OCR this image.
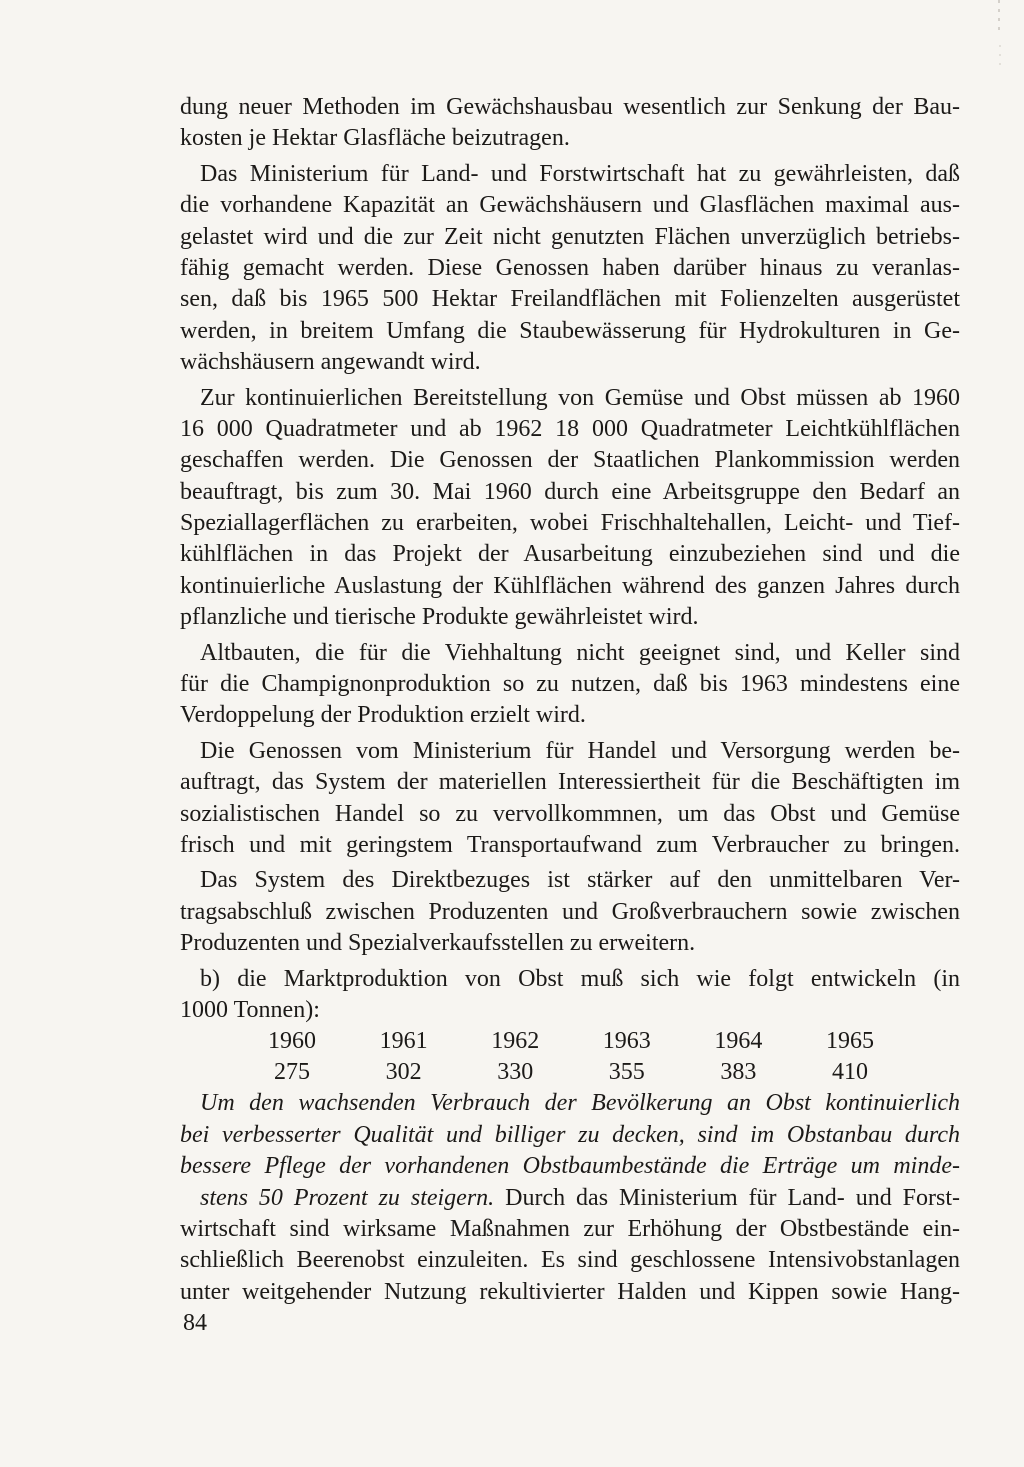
dung neuer Methoden im Gewächshausbau wesentlich zur Senkung der Bau-
kosten je Hektar Glasfläche beizutragen.
Das Ministerium für Land- und Forstwirtschaft hat zu gewährleisten, daß
die vorhandene Kapazität an Gewächshäusern und Glasflächen maximal aus-
gelastet wird und die zur Zeit nicht genutzten Flächen unverzüglich betriebs-
fähig gemacht werden. Diese Genossen haben darüber hinaus zu veranlas-
sen, daß bis 1965 500 Hektar Freilandflächen mit Folienzelten ausgerüstet
werden, in breitem Umfang die Staubewässerung für Hydrokulturen in Ge-
wächshäusern angewandt wird.
Zur kontinuierlichen Bereitstellung von Gemüse und Obst müssen ab 1960
16 000 Quadratmeter und ab 1962 18 000 Quadratmeter Leichtkühlflächen
geschaffen werden. Die Genossen der Staatlichen Plankommission werden
beauftragt, bis zum 30. Mai 1960 durch eine Arbeitsgruppe den Bedarf an
Speziallagerflächen zu erarbeiten, wobei Frischhaltehallen, Leicht- und Tief-
kühlflächen in das Projekt der Ausarbeitung einzubeziehen sind und die
kontinuierliche Auslastung der Kühlflächen während des ganzen Jahres durch
pflanzliche und tierische Produkte gewährleistet wird.
Altbauten, die für die Viehhaltung nicht geeignet sind, und Keller sind
für die Champignonproduktion so zu nutzen, daß bis 1963 mindestens eine
Verdoppelung der Produktion erzielt wird.
Die Genossen vom Ministerium für Handel und Versorgung werden be-
auftragt, das System der materiellen Interessiertheit für die Beschäftigten im
sozialistischen Handel so zu vervollkommnen, um das Obst und Gemüse
frisch und mit geringstem Transportaufwand zum Verbraucher zu bringen.
Das System des Direktbezuges ist stärker auf den unmittelbaren Ver-
tragsabschluß zwischen Produzenten und Großverbrauchern sowie zwischen
Produzenten und Spezialverkaufsstellen zu erweitern.
b) die Marktproduktion von Obst muß sich wie folgt entwickeln (in
1000 Tonnen):
1960	1961	1962	1963	1964	1965
275	302	330	355	383	410
Um den wachsenden Verbrauch der Bevölkerung an Obst kontinuierlich
bei verbesserter Qualität und billiger zu decken, sind im Obstanbau durch
bessere Pflege der vorhandenen Obstbaumbestände die Erträge um minde-
stens 50 Prozent zu steigern. Durch das Ministerium für Land- und Forst-
wirtschaft sind wirksame Maßnahmen zur Erhöhung der Obstbestände ein-
schließlich Beerenobst einzuleiten. Es sind geschlossene Intensivobstanlagen
unter weitgehender Nutzung rekultivierter Halden und Kippen sowie Hang-
84
